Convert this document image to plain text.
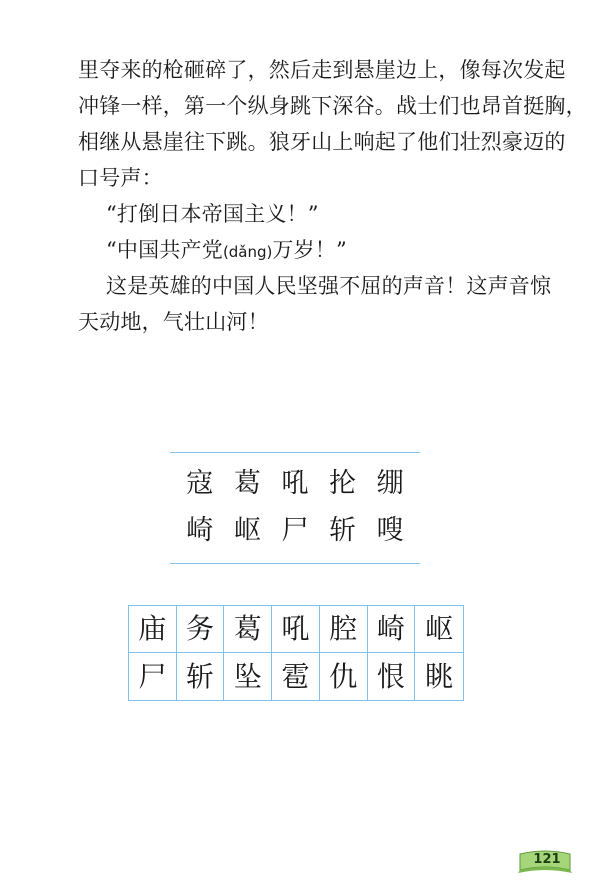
里夺来的枪砸碎了，然后走到悬崖边上，像每次发起
冲锋一样，第一个纵身跳下深谷。战士们也昂首挺胸，
相继从悬崖往下跳。狼牙山上响起了他们壮烈豪迈的
口号声：
“打倒日本帝国主义！”
“中国共产党(dǎng)万岁！”
这是英雄的中国人民坚强不屈的声音！这声音惊
天动地，气壮山河！
寇 葛 吼 抡 绷
崎 岖 尸 斩 嗖
庙 务 葛 吼 腔 崎 岖
尸 斩 坠 雹 仇 恨 眺
121
